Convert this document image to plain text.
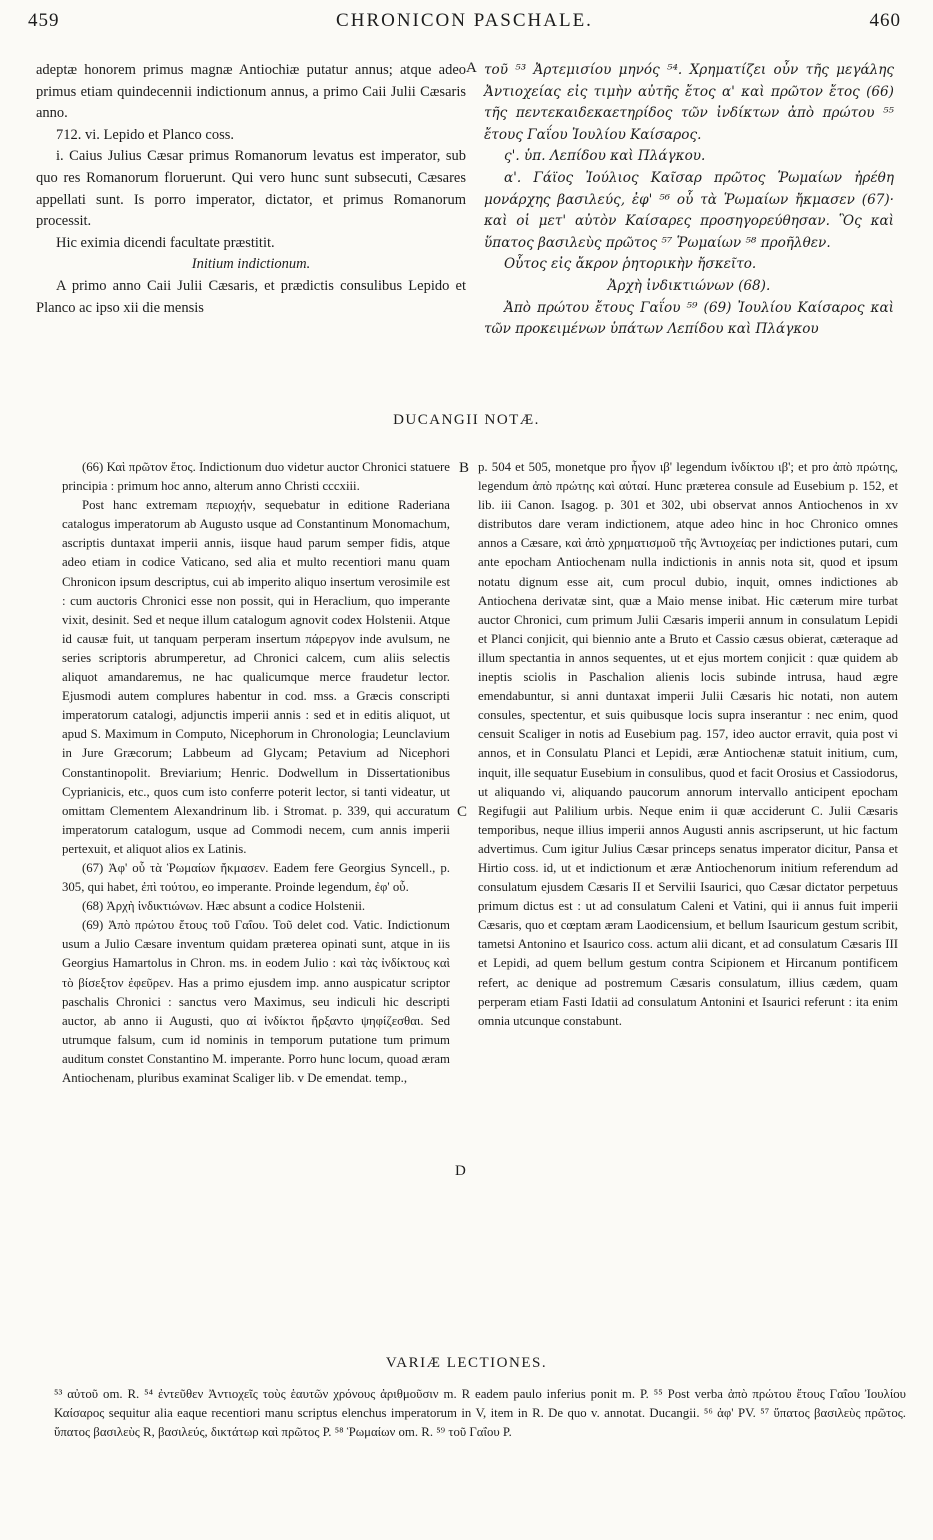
459	CHRONICON PASCHALE.	460
A
B
C
D

adeptæ honorem primus magnæ Antiochiæ putatur annus; atque adeo primus etiam quindecennii indictionum annus, a primo Caii Julii Cæsaris anno.

712. vi. Lepido et Planco coss.

i. Caius Julius Cæsar primus Romanorum levatus est imperator, sub quo res Romanorum floruerunt. Qui vero hunc sunt subsecuti, Cæsares appellati sunt. Is porro imperator, dictator, et primus Romanorum processit.

Hic eximia dicendi facultate præstitit.

Initium indictionum.

A primo anno Caii Julii Cæsaris, et prædictis consulibus Lepido et Planco ac ipso xii die mensis

τοῦ ⁵³ Ἀρτεμισίου μηνός ⁵⁴. Χρηματίζει οὖν τῆς μεγάλης Ἀντιοχείας εἰς τιμὴν αὐτῆς ἔτος α' καὶ πρῶτον ἔτος (66) τῆς πεντεκαιδεκαετηρίδος τῶν ἰνδίκτων ἀπὸ πρώτου ⁵⁵ ἔτους Γαΐου Ἰουλίου Καίσαρος.

ς'. ὑπ. Λεπίδου καὶ Πλάγκου.

α'. Γάϊος Ἰούλιος Καῖσαρ πρῶτος Ῥωμαίων ἠρέθη μονάρχης βασιλεύς, ἐφ' ⁵⁶ οὗ τὰ Ῥωμαίων ἤκμασεν (67)· καὶ οἱ μετ' αὐτὸν Καίσαρες προσηγορεύθησαν. Ὃς καὶ ὕπατος βασιλεὺς πρῶτος ⁵⁷ Ῥωμαίων ⁵⁸ προῆλθεν.

Οὗτος εἰς ἄκρον ῥητορικὴν ἤσκεῖτο.

Ἀρχὴ ἰνδικτιώνων (68).

Ἀπὸ πρώτου ἔτους Γαΐου ⁵⁹ (69) Ἰουλίου Καίσαρος καὶ τῶν προκειμένων ὑπάτων Λεπίδου καὶ Πλάγκου

DUCANGII NOTÆ.

(66) Καὶ πρῶτον ἔτος. Indictionum duo videtur auctor Chronici statuere principia : primum hoc anno, alterum anno Christi cccxiii.

Post hanc extremam περιοχήν, sequebatur in editione Raderiana catalogus imperatorum ab Augusto usque ad Constantinum Monomachum, ascriptis duntaxat imperii annis, iisque haud parum semper fidis, atque adeo etiam in codice Vaticano, sed alia et multo recentiori manu quam Chronicon ipsum descriptus, cui ab imperito aliquo insertum verosimile est : cum auctoris Chronici esse non possit, qui in Heraclium, quo imperante vixit, desinit. Sed et neque illum catalogum agnovit codex Holstenii. Atque id causæ fuit, ut tanquam perperam insertum πάρεργον inde avulsum, ne series scriptoris abrumperetur, ad Chronici calcem, cum aliis selectis aliquot amandaremus, ne hac qualicumque merce fraudetur lector. Ejusmodi autem complures habentur in cod. mss. a Græcis conscripti imperatorum catalogi, adjunctis imperii annis : sed et in editis aliquot, ut apud S. Maximum in Computo, Nicephorum in Chronologia; Leunclavium in Jure Græcorum; Labbeum ad Glycam; Petavium ad Nicephori Constantinopolit. Breviarium; Henric. Dodwellum in Dissertationibus Cyprianicis, etc., quos cum isto conferre poterit lector, si tanti videatur, ut omittam Clementem Alexandrinum lib. i Stromat. p. 339, qui accuratum imperatorum catalogum, usque ad Commodi necem, cum annis imperii pertexuit, et aliquot alios ex Latinis.

(67) Ἀφ' οὗ τὰ Ῥωμαίων ἤκμασεν. Eadem fere Georgius Syncell., p. 305, qui habet, ἐπὶ τούτου, eo imperante. Proinde legendum, ἐφ' οὗ.

(68) Ἀρχὴ ἰνδικτιώνων. Hæc absunt a codice Holstenii.

(69) Ἀπὸ πρώτου ἔτους τοῦ Γαΐου. Τοῦ delet cod. Vatic. Indictionum usum a Julio Cæsare inventum quidam præterea opinati sunt, atque in iis Georgius Hamartolus in Chron. ms. in eodem Julio : καὶ τὰς ἰνδίκτους καὶ τὸ βίσεξτον ἐφεῦρεν. Has a primo ejusdem imp. anno auspicatur scriptor paschalis Chronici : sanctus vero Maximus, seu indiculi hic descripti auctor, ab anno ii Augusti, quo αἱ ἰνδίκτοι ἤρξαντο ψηφίζεσθαι. Sed utrumque falsum, cum id nominis in temporum putatione tum primum auditum constet Constantino M. imperante. Porro hunc locum, quoad æram Antiochenam, pluribus examinat Scaliger lib. v De emendat. temp.,

p. 504 et 505, monetque pro ἦγον ιβ' legendum ἰνδίκτου ιβ'; et pro ἀπὸ πρώτης, legendum ἀπὸ πρώτης καὶ αὐταί. Hunc præterea consule ad Eusebium p. 152, et lib. iii Canon. Isagog. p. 301 et 302, ubi observat annos Antiochenos in xv distributos dare veram indictionem, atque adeo hinc in hoc Chronico omnes annos a Cæsare, καὶ ἀπὸ χρηματισμοῦ τῆς Ἀντιοχείας per indictiones putari, cum ante epocham Antiochenam nulla indictionis in annis nota sit, quod et ipsum notatu dignum esse ait, cum procul dubio, inquit, omnes indictiones ab Antiochena derivatæ sint, quæ a Maio mense inibat. Hic cæterum mire turbat auctor Chronici, cum primum Julii Cæsaris imperii annum in consulatum Lepidi et Planci conjicit, qui biennio ante a Bruto et Cassio cæsus obierat, cæteraque ad illum spectantia in annos sequentes, ut et ejus mortem conjicit : quæ quidem ab ineptis sciolis in Paschalion alienis locis subinde intrusa, haud ægre emendabuntur, si anni duntaxat imperii Julii Cæsaris hic notati, non autem consules, spectentur, et suis quibusque locis supra inserantur : nec enim, quod censuit Scaliger in notis ad Eusebium pag. 157, ideo auctor erravit, quia post vi annos, et in Consulatu Planci et Lepidi, æræ Antiochenæ statuit initium, cum, inquit, ille sequatur Eusebium in consulibus, quod et facit Orosius et Cassiodorus, ut aliquando vi, aliquando paucorum annorum intervallo anticipent epocham Regifugii aut Palilium urbis. Neque enim ii quæ acciderunt C. Julii Cæsaris temporibus, neque illius imperii annos Augusti annis ascripserunt, ut hic factum advertimus. Cum igitur Julius Cæsar princeps senatus imperator dicitur, Pansa et Hirtio coss. id, ut et indictionum et æræ Antiochenorum initium referendum ad consulatum ejusdem Cæsaris II et Servilii Isaurici, quo Cæsar dictator perpetuus primum dictus est : ut ad consulatum Caleni et Vatini, qui ii annus fuit imperii Cæsaris, quo et cœptam æram Laodicensium, et bellum Isauricum gestum scribit, tametsi Antonino et Isaurico coss. actum alii dicant, et ad consulatum Cæsaris III et Lepidi, ad quem bellum gestum contra Scipionem et Hircanum pontificem refert, ac denique ad postremum Cæsaris consulatum, illius cædem, quam perperam etiam Fasti Idatii ad consulatum Antonini et Isaurici referunt : ita enim omnia utcunque constabunt.

VARIÆ LECTIONES.

⁵³ αὐτοῦ om. R. ⁵⁴ ἐντεῦθεν Ἀντιοχεῖς τοὺς ἑαυτῶν χρόνους ἀριθμοῦσιν m. R eadem paulo inferius ponit m. P. ⁵⁵ Post verba ἀπὸ πρώτου ἔτους Γαΐου Ἰουλίου Καίσαρος sequitur alia eaque recentiori manu scriptus elenchus imperatorum in V, item in R. De quo v. annotat. Ducangii. ⁵⁶ ἀφ' PV. ⁵⁷ ὕπατος βασιλεὺς πρῶτος. ὕπατος βασιλεὺς R, βασιλεύς, δικτάτωρ καὶ πρῶτος P. ⁵⁸ Ῥωμαίων om. R. ⁵⁹ τοῦ Γαΐου P.
